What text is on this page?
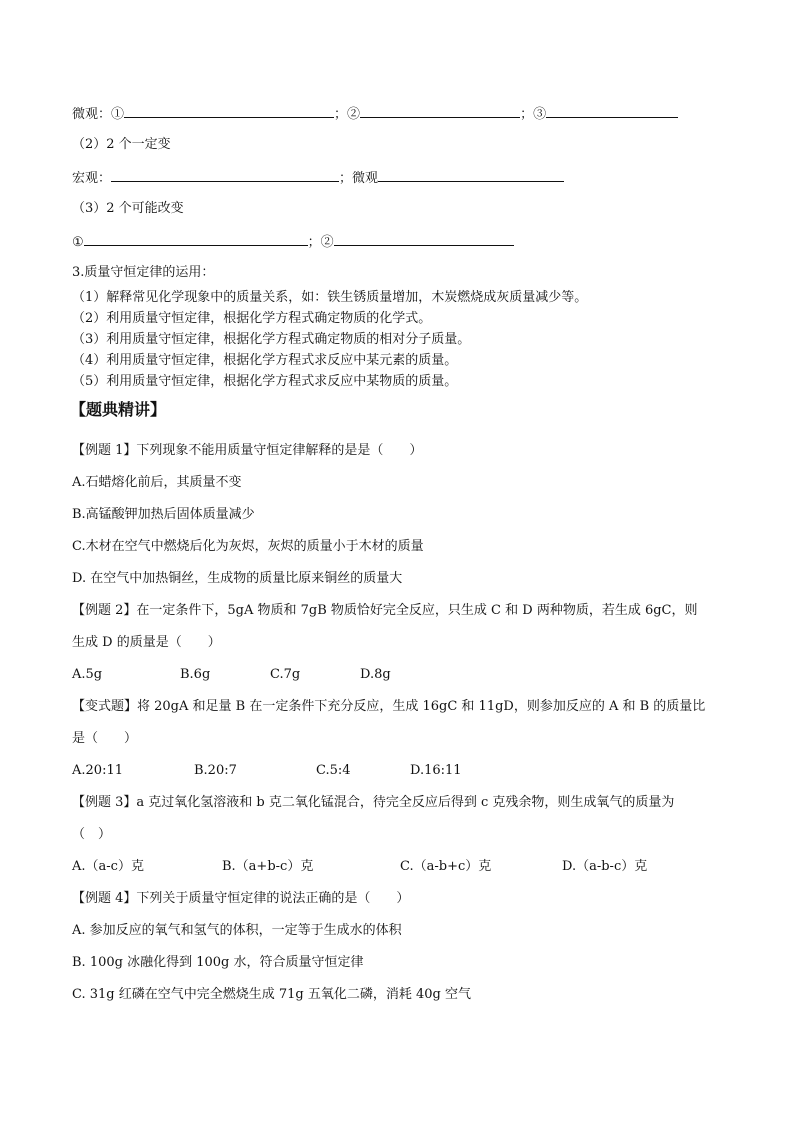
微观：①	；②	；③
（2）2 个一定变
宏观：	；微观
（3）2 个可能改变
①	；②
3.质量守恒定律的运用：
（1）解释常见化学现象中的质量关系，如：铁生锈质量增加，木炭燃烧成灰质量减少等。
（2）利用质量守恒定律，根据化学方程式确定物质的化学式。
（3）利用质量守恒定律，根据化学方程式确定物质的相对分子质量。
（4）利用质量守恒定律，根据化学方程式求反应中某元素的质量。
（5）利用质量守恒定律，根据化学方程式求反应中某物质的质量。
【题典精讲】
【例题 1】下列现象不能用质量守恒定律解释的是是（　　）
A.石蜡熔化前后，其质量不变
B.高锰酸钾加热后固体质量减少
C.木材在空气中燃烧后化为灰烬，灰烬的质量小于木材的质量
D. 在空气中加热铜丝，生成物的质量比原来铜丝的质量大
【例题 2】在一定条件下，5gA 物质和 7gB 物质恰好完全反应，只生成 C 和 D 两种物质，若生成 6gC，则
生成 D 的质量是（　　）
A.5g	B.6g	C.7g	D.8g
【变式题】将 20gA 和足量 B 在一定条件下充分反应，生成 16gC 和 11gD，则参加反应的 A 和 B 的质量比
是（　　）
A.20:11	B.20:7	C.5:4	D.16:11
【例题 3】a 克过氧化氢溶液和 b 克二氧化锰混合，待完全反应后得到 c 克残余物，则生成氧气的质量为
（　）
A.（a-c）克	B.（a+b-c）克	C.（a-b+c）克	D.（a-b-c）克
【例题 4】下列关于质量守恒定律的说法正确的是（　　）
A. 参加反应的氧气和氢气的体积，一定等于生成水的体积
B. 100g 冰融化得到 100g 水，符合质量守恒定律
C. 31g 红磷在空气中完全燃烧生成 71g 五氧化二磷，消耗 40g 空气
